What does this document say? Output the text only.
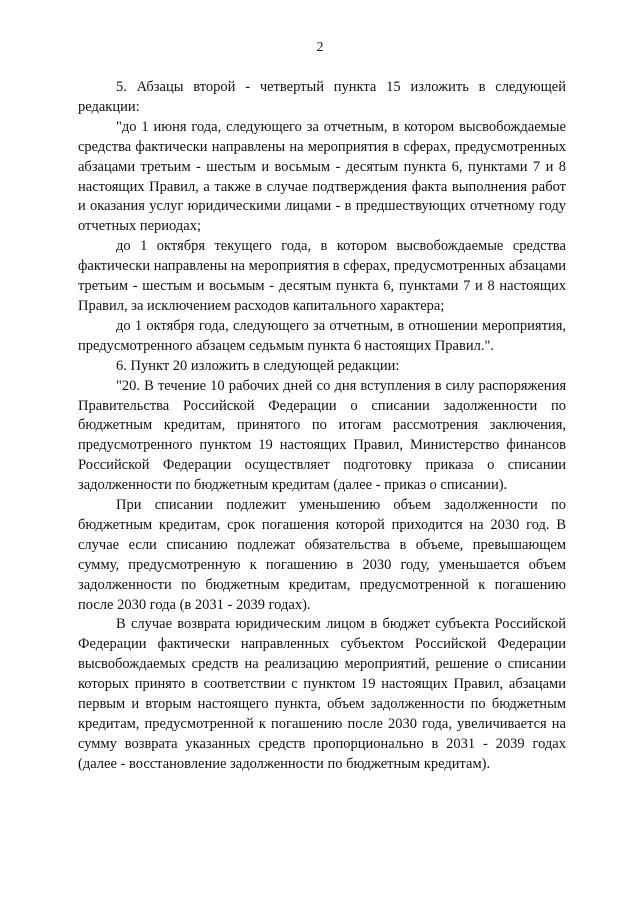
2

5. Абзацы второй - четвертый пункта 15 изложить в следующей редакции:

"до 1 июня года, следующего за отчетным, в котором высвобождаемые средства фактически направлены на мероприятия в сферах, предусмотренных абзацами третьим - шестым и восьмым - десятым пункта 6, пунктами 7 и 8 настоящих Правил, а также в случае подтверждения факта выполнения работ и оказания услуг юридическими лицами - в предшествующих отчетному году отчетных периодах;

до 1 октября текущего года, в котором высвобождаемые средства фактически направлены на мероприятия в сферах, предусмотренных абзацами третьим - шестым и восьмым - десятым пункта 6, пунктами 7 и 8 настоящих Правил, за исключением расходов капитального характера;

до 1 октября года, следующего за отчетным, в отношении мероприятия, предусмотренного абзацем седьмым пункта 6 настоящих Правил.".

6. Пункт 20 изложить в следующей редакции:

"20. В течение 10 рабочих дней со дня вступления в силу распоряжения Правительства Российской Федерации о списании задолженности по бюджетным кредитам, принятого по итогам рассмотрения заключения, предусмотренного пунктом 19 настоящих Правил, Министерство финансов Российской Федерации осуществляет подготовку приказа о списании задолженности по бюджетным кредитам (далее - приказ о списании).

При списании подлежит уменьшению объем задолженности по бюджетным кредитам, срок погашения которой приходится на 2030 год. В случае если списанию подлежат обязательства в объеме, превышающем сумму, предусмотренную к погашению в 2030 году, уменьшается объем задолженности по бюджетным кредитам, предусмотренной к погашению после 2030 года (в 2031 - 2039 годах).

В случае возврата юридическим лицом в бюджет субъекта Российской Федерации фактически направленных субъектом Российской Федерации высвобождаемых средств на реализацию мероприятий, решение о списании которых принято в соответствии с пунктом 19 настоящих Правил, абзацами первым и вторым настоящего пункта, объем задолженности по бюджетным кредитам, предусмотренной к погашению после 2030 года, увеличивается на сумму возврата указанных средств пропорционально в 2031 - 2039 годах (далее - восстановление задолженности по бюджетным кредитам).
